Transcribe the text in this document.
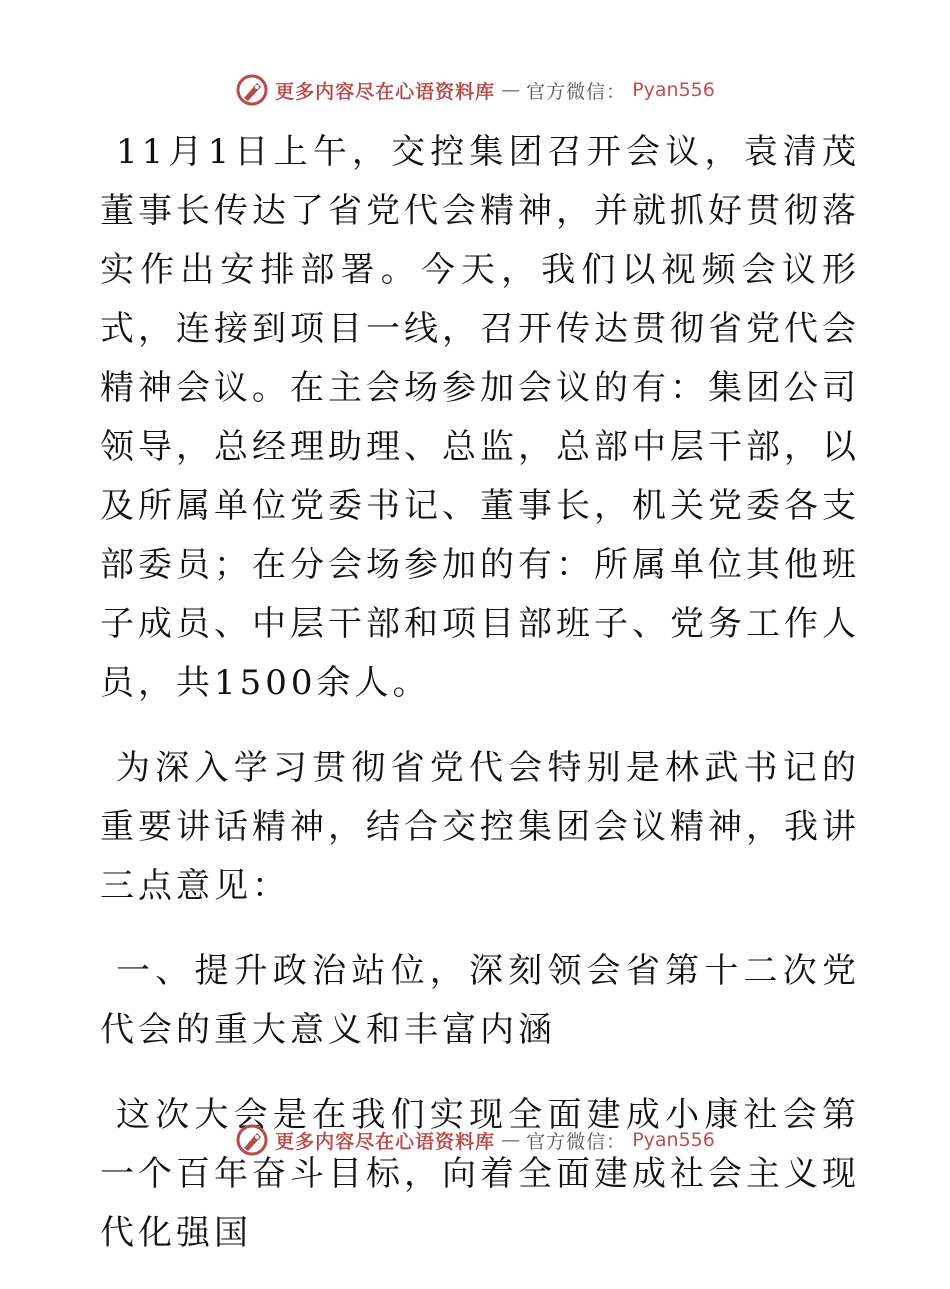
更多内容尽在心语资料库 — 官方微信： Pyan556

11月1日上午，交控集团召开会议，袁清茂董事长传达了省党代会精神，并就抓好贯彻落实作出安排部署。今天，我们以视频会议形式，连接到项目一线，召开传达贯彻省党代会精神会议。在主会场参加会议的有：集团公司领导，总经理助理、总监，总部中层干部，以及所属单位党委书记、董事长，机关党委各支部委员；在分会场参加的有：所属单位其他班子成员、中层干部和项目部班子、党务工作人员，共1500余人。

为深入学习贯彻省党代会特别是林武书记的重要讲话精神，结合交控集团会议精神，我讲三点意见：

一、提升政治站位，深刻领会省第十二次党代会的重大意义和丰富内涵

这次大会是在我们实现全面建成小康社会第一个百年奋斗目标，向着全面建成社会主义现代化强国

更多内容尽在心语资料库 — 官方微信： Pyan556
